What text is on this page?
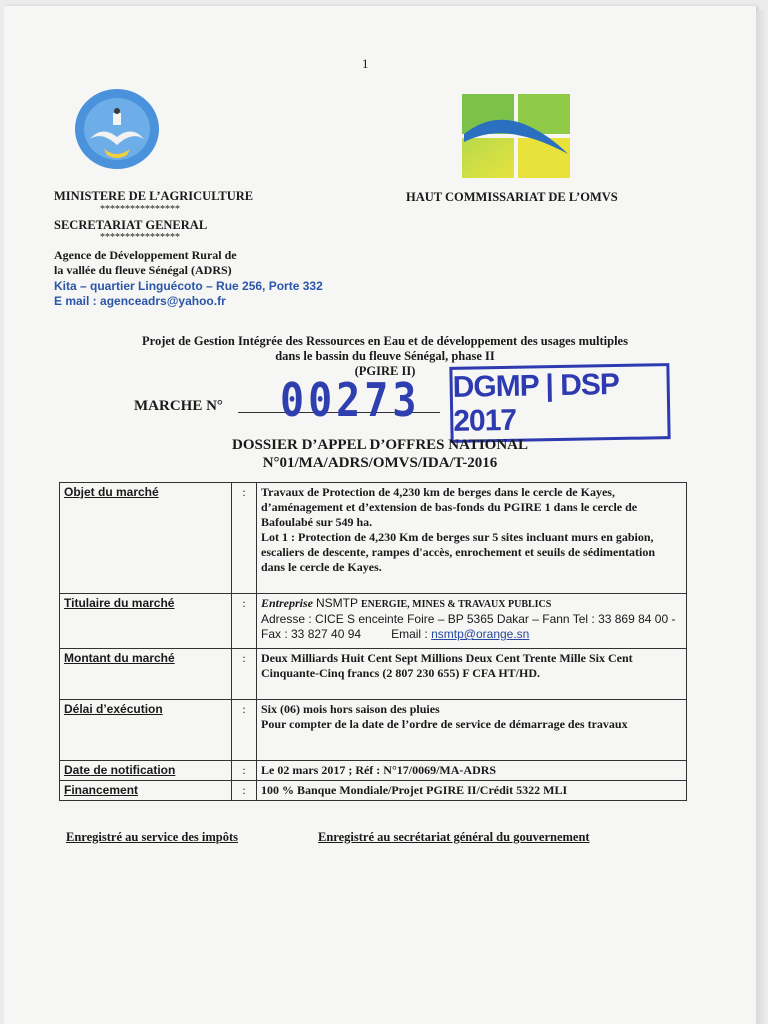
1
MINISTERE DE L’AGRICULTURE
****************
SECRETARIAT GENERAL
****************
Agence de Développement Rural de
la vallée du fleuve Sénégal (ADRS)
Kita – quartier Linguécoto – Rue 256, Porte 332
E mail : agenceadrs@yahoo.fr
HAUT COMMISSARIAT DE L’OMVS
Projet de Gestion Intégrée des Ressources en Eau et de développement des usages multiples
dans le bassin du fleuve Sénégal, phase II
(PGIRE II)
MARCHE N° 00273 DGMP | DSP 2017
DOSSIER D’APPEL D’OFFRES NATIONAL
N°01/MA/ADRS/OMVS/IDA/T-2016
Objet du marché	:	Travaux de Protection de 4,230 km de berges dans le cercle de Kayes, d’aménagement et d’extension de bas-fonds du PGIRE 1 dans le cercle de Bafoulabé sur 549 ha.
Lot 1 : Protection de 4,230 Km de berges sur 5 sites incluant murs en gabion, escaliers de descente, rampes d'accès, enrochement et seuils de sédimentation dans le cercle de Kayes.

Titulaire du marché	:	Entreprise NSMTP ENERGIE, MINES & TRAVAUX PUBLICS
Adresse : CICE S enceinte Foire – BP 5365 Dakar – Fann Tel : 33 869 84 00 - Fax : 33 827 40 94 Email : nsmtp@orange.sn

Montant du marché	:	Deux Milliards Huit Cent Sept Millions Deux Cent Trente Mille Six Cent Cinquante-Cinq francs (2 807 230 655) F CFA HT/HD.
Délai d’exécution	:	Six (06) mois hors saison des pluies
Pour compter de la date de l’ordre de service de démarrage des travaux

Date de notification	:	Le 02 mars 2017 ; Réf : N°17/0069/MA-ADRS
Financement	:	100 % Banque Mondiale/Projet PGIRE II/Crédit 5322 MLI
Enregistré au service des impôts	Enregistré au secrétariat général du gouvernement
